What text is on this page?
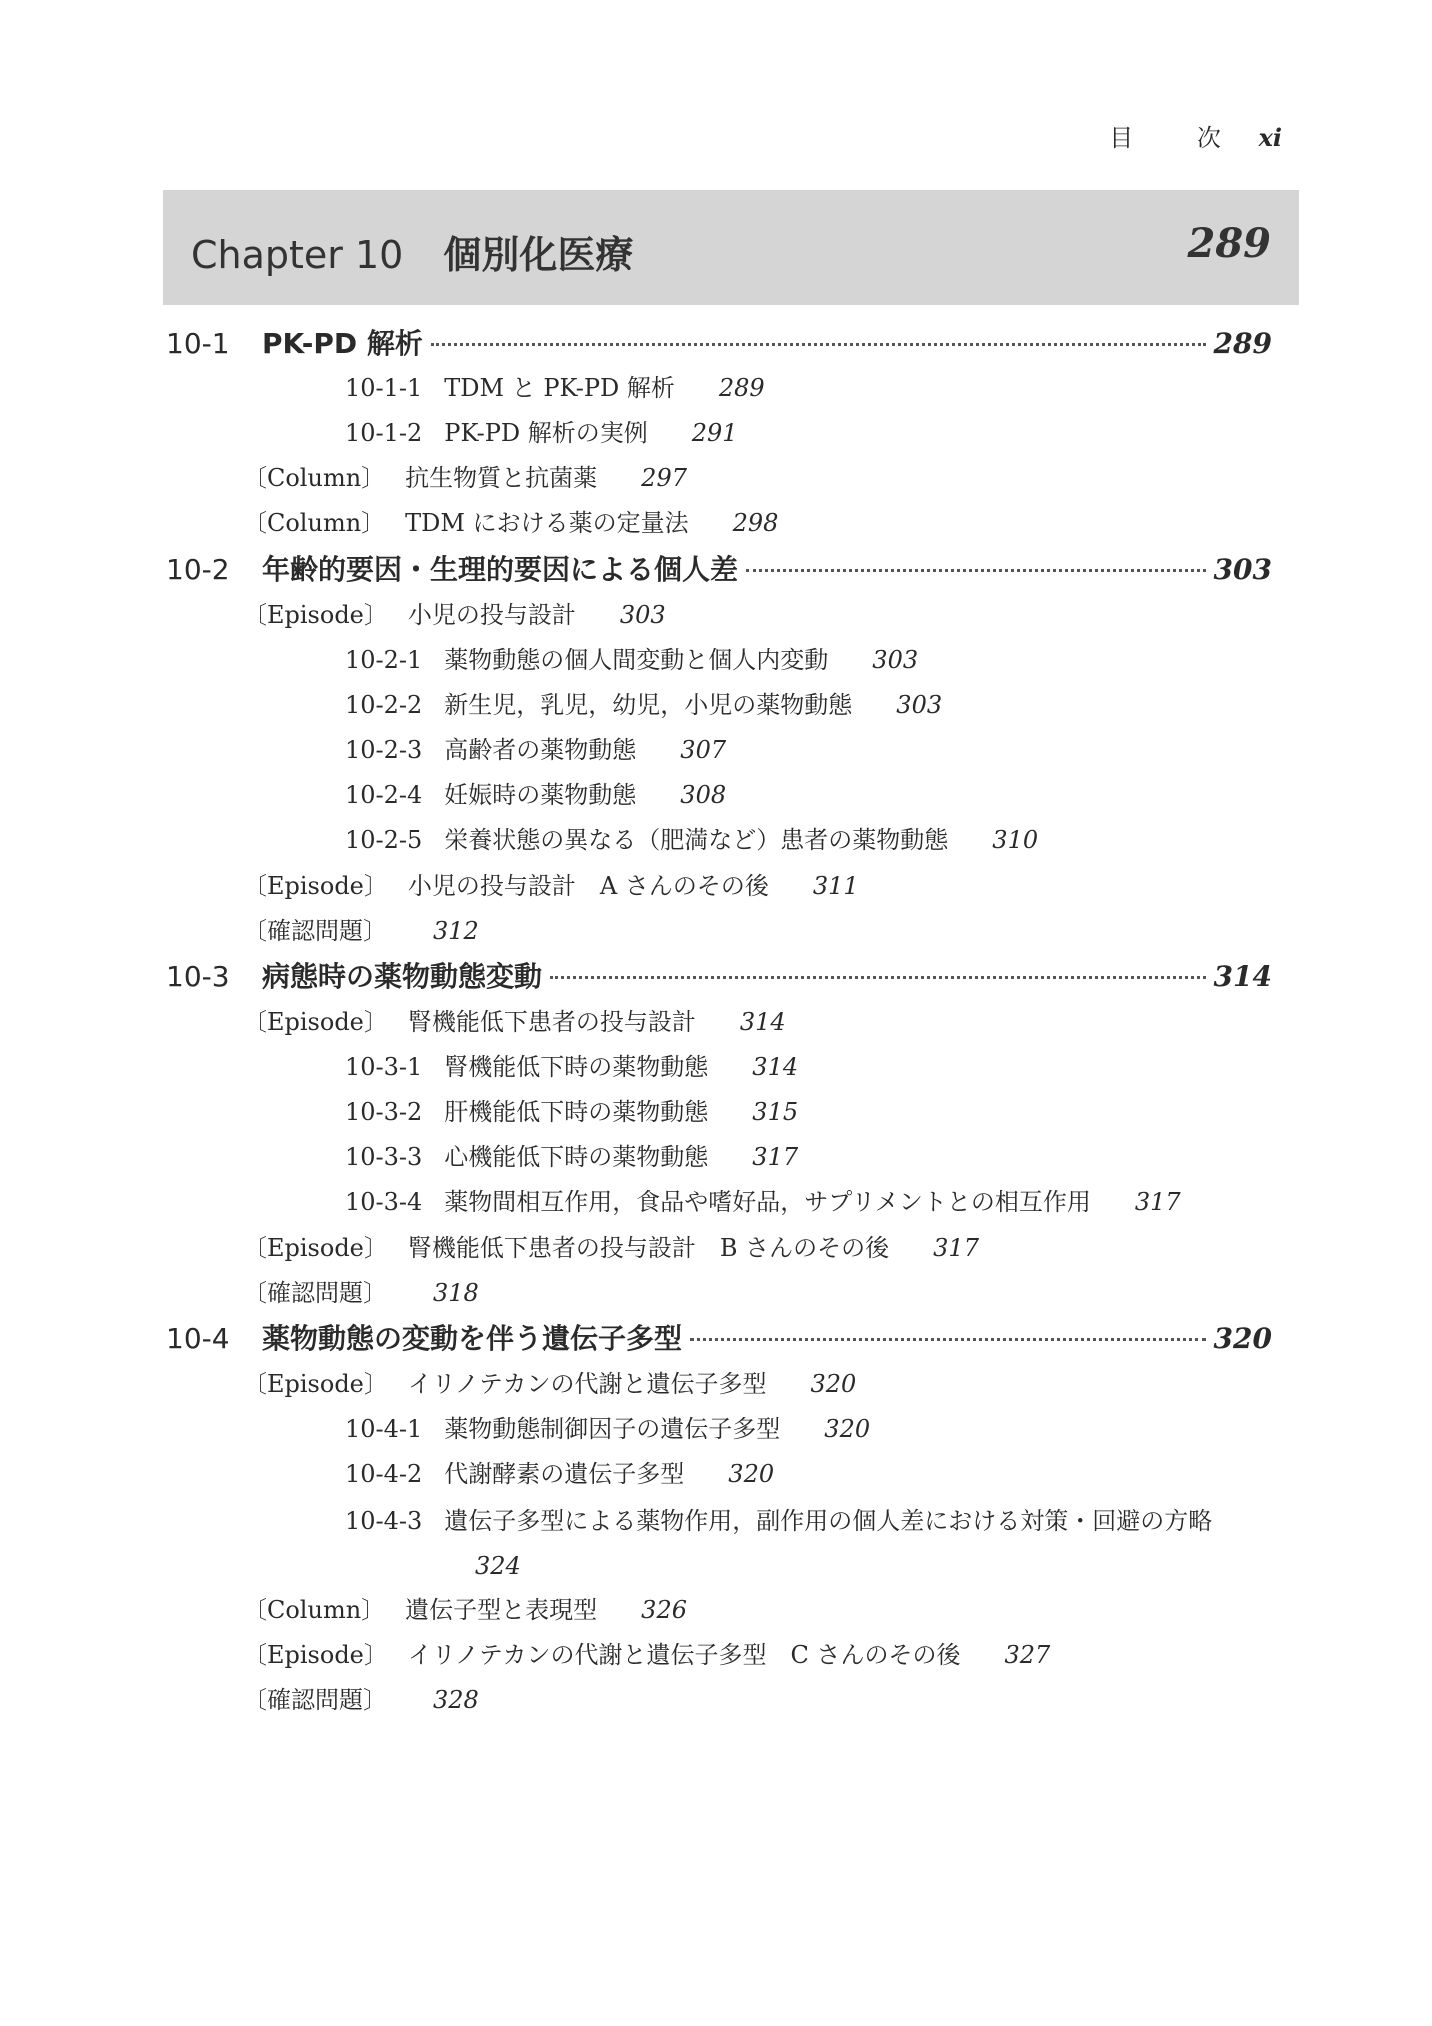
目 次 xi
Chapter 10 個別化医療	289
10-1	PK-PD 解析	289
10-1-1 TDM と PK-PD 解析 289
10-1-2 PK-PD 解析の実例 291
〔Column〕 抗生物質と抗菌薬 297
〔Column〕 TDM における薬の定量法 298
10-2	年齢的要因・生理的要因による個人差	303
〔Episode〕 小児の投与設計 303
10-2-1 薬物動態の個人間変動と個人内変動 303
10-2-2 新生児，乳児，幼児，小児の薬物動態 303
10-2-3 高齢者の薬物動態 307
10-2-4 妊娠時の薬物動態 308
10-2-5 栄養状態の異なる（肥満など）患者の薬物動態 310
〔Episode〕 小児の投与設計　A さんのその後 311
〔確認問題〕 312
10-3	病態時の薬物動態変動	314
〔Episode〕 腎機能低下患者の投与設計 314
10-3-1 腎機能低下時の薬物動態 314
10-3-2 肝機能低下時の薬物動態 315
10-3-3 心機能低下時の薬物動態 317
10-3-4 薬物間相互作用，食品や嗜好品，サプリメントとの相互作用 317
〔Episode〕 腎機能低下患者の投与設計　B さんのその後 317
〔確認問題〕 318
10-4	薬物動態の変動を伴う遺伝子多型	320
〔Episode〕 イリノテカンの代謝と遺伝子多型 320
10-4-1 薬物動態制御因子の遺伝子多型 320
10-4-2 代謝酵素の遺伝子多型 320
10-4-3 遺伝子多型による薬物作用，副作用の個人差における対策・回避の方略
324
〔Column〕 遺伝子型と表現型 326
〔Episode〕 イリノテカンの代謝と遺伝子多型　C さんのその後 327
〔確認問題〕 328
